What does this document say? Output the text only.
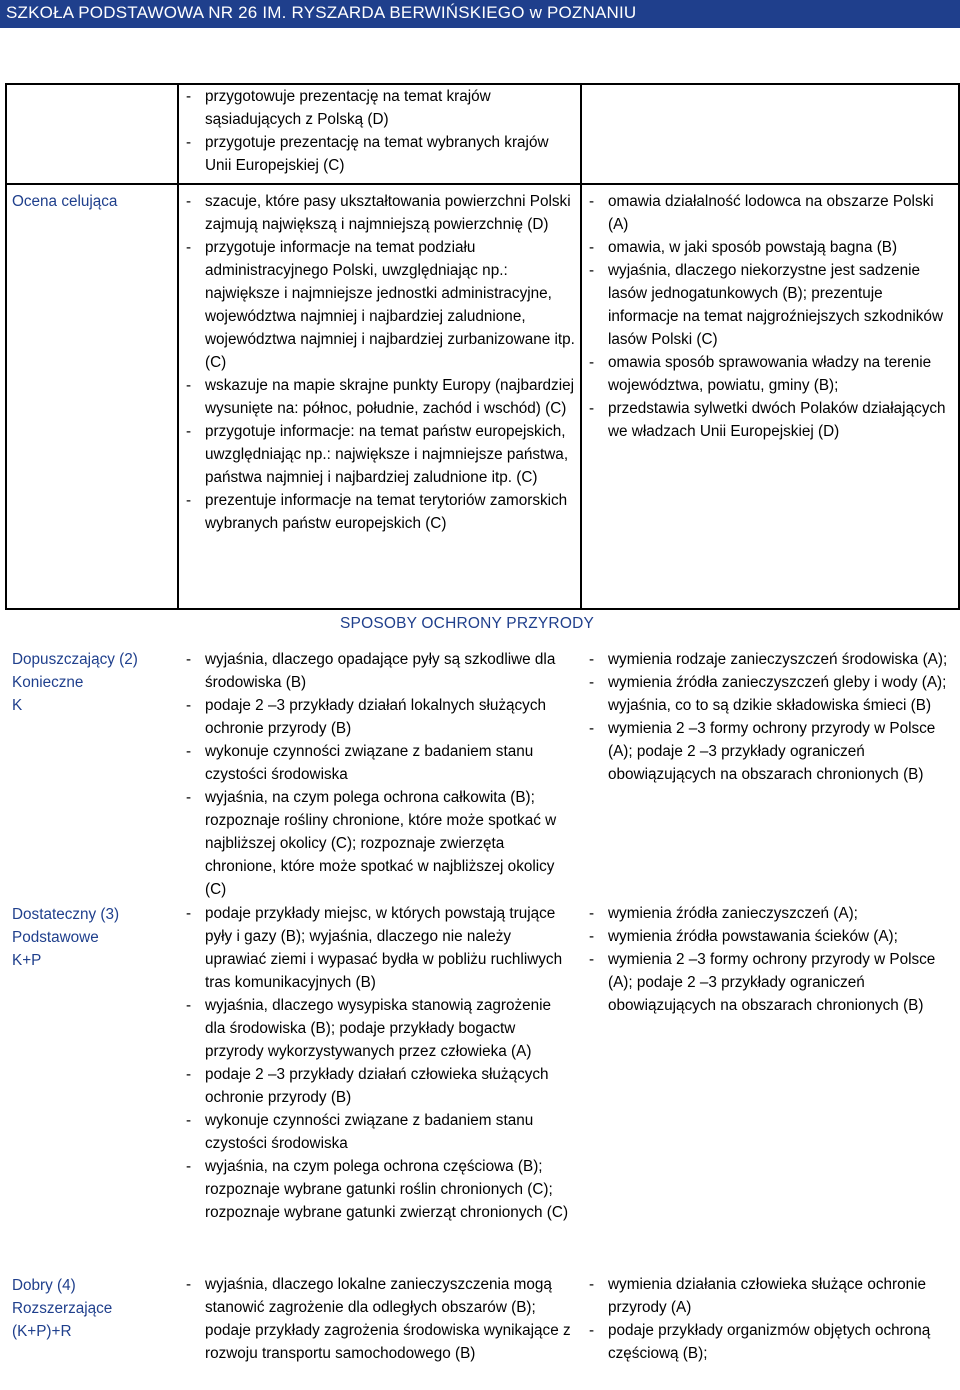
SZKOŁA PODSTAWOWA NR 26 IM. RYSZARDA BERWIŃSKIEGO w POZNANIU
- przygotowuje prezentację na temat krajów sąsiadujących z Polską (D)
- przygotuje prezentację na temat wybranych krajów Unii Europejskiej (C)
Ocena celująca
-	szacuje, które pasy ukształtowania powierzchni Polski zajmują największą i najmniejszą powierzchnię (D)
- przygotuje informacje na temat podziału administracyjnego Polski, uwzględniając np.: największe i najmniejsze jednostki administracyjne, województwa najmniej i najbardziej zaludnione, województwa najmniej i najbardziej zurbanizowane itp. (C)
- wskazuje na mapie skrajne punkty Europy (najbardziej wysunięte na: północ, południe, zachód i wschód) (C)
- przygotuje informacje: na temat państw europejskich, uwzględniając np.: największe i najmniejsze państwa, państwa najmniej i najbardziej zaludnione itp. (C)
- prezentuje informacje na temat terytoriów zamorskich wybranych państw europejskich (C)
- omawia działalność lodowca na obszarze Polski (A)
- omawia, w jaki sposób powstają bagna (B)
- wyjaśnia, dlaczego niekorzystne jest sadzenie lasów jednogatunkowych (B); prezentuje informacje na temat najgroźniejszych szkodników lasów Polski (C)
- omawia sposób sprawowania władzy na terenie województwa, powiatu, gminy (B);
- przedstawia sylwetki dwóch Polaków działających we władzach Unii Europejskiej (D)
Dopuszczający (2)
Konieczne
K
Dostateczny (3)
Podstawowe
K+P
Dobry (4)
Rozszerzające
(K+P)+R
- wyjaśnia, dlaczego opadające pyły są szkodliwe dla środowiska (B)
- podaje 2 –3 przykłady działań lokalnych służących ochronie przyrody (B)
- wykonuje czynności związane z badaniem stanu czystości środowiska
- wyjaśnia, na czym polega ochrona całkowita (B); rozpoznaje rośliny chronione, które może spotkać w najbliższej okolicy (C); rozpoznaje zwierzęta chronione, które może spotkać w najbliższej okolicy (C)
- wymienia rodzaje zanieczyszczeń środowiska (A);
- wymienia źródła zanieczyszczeń gleby i wody (A); wyjaśnia, co to są dzikie składowiska śmieci (B)
- wymienia 2 –3 formy ochrony przyrody w Polsce (A); podaje 2 –3 przykłady ograniczeń obowiązujących na obszarach chronionych (B)
- podaje przykłady miejsc, w których powstają trujące pyły i gazy (B); wyjaśnia, dlaczego nie należy uprawiać ziemi i wypasać bydła w pobliżu ruchliwych tras komunikacyjnych (B)
- wyjaśnia, dlaczego wysypiska stanowią zagrożenie dla środowiska (B); podaje przykłady bogactw przyrody wykorzystywanych przez człowieka (A)
- podaje 2 –3 przykłady działań człowieka służących ochronie przyrody (B)
- wykonuje czynności związane z badaniem stanu czystości środowiska
- wyjaśnia, na czym polega ochrona częściowa (B); rozpoznaje wybrane gatunki roślin chronionych (C); rozpoznaje wybrane gatunki zwierząt chronionych (C)
- wymienia źródła zanieczyszczeń (A);
- wymienia źródła powstawania ścieków (A);
- wymienia 2 –3 formy ochrony przyrody w Polsce (A); podaje 2 –3 przykłady ograniczeń obowiązujących na obszarach chronionych (B)
- wyjaśnia, dlaczego lokalne zanieczyszczenia mogą stanowić zagrożenie dla odległych obszarów (B); podaje przykłady zagrożenia środowiska wynikające z rozwoju transportu samochodowego (B)
- wymienia działania człowieka służące ochronie przyrody (A)
- podaje przykłady organizmów objętych ochroną częściową (B);
SPOSOBY OCHRONY PRZYRODY
